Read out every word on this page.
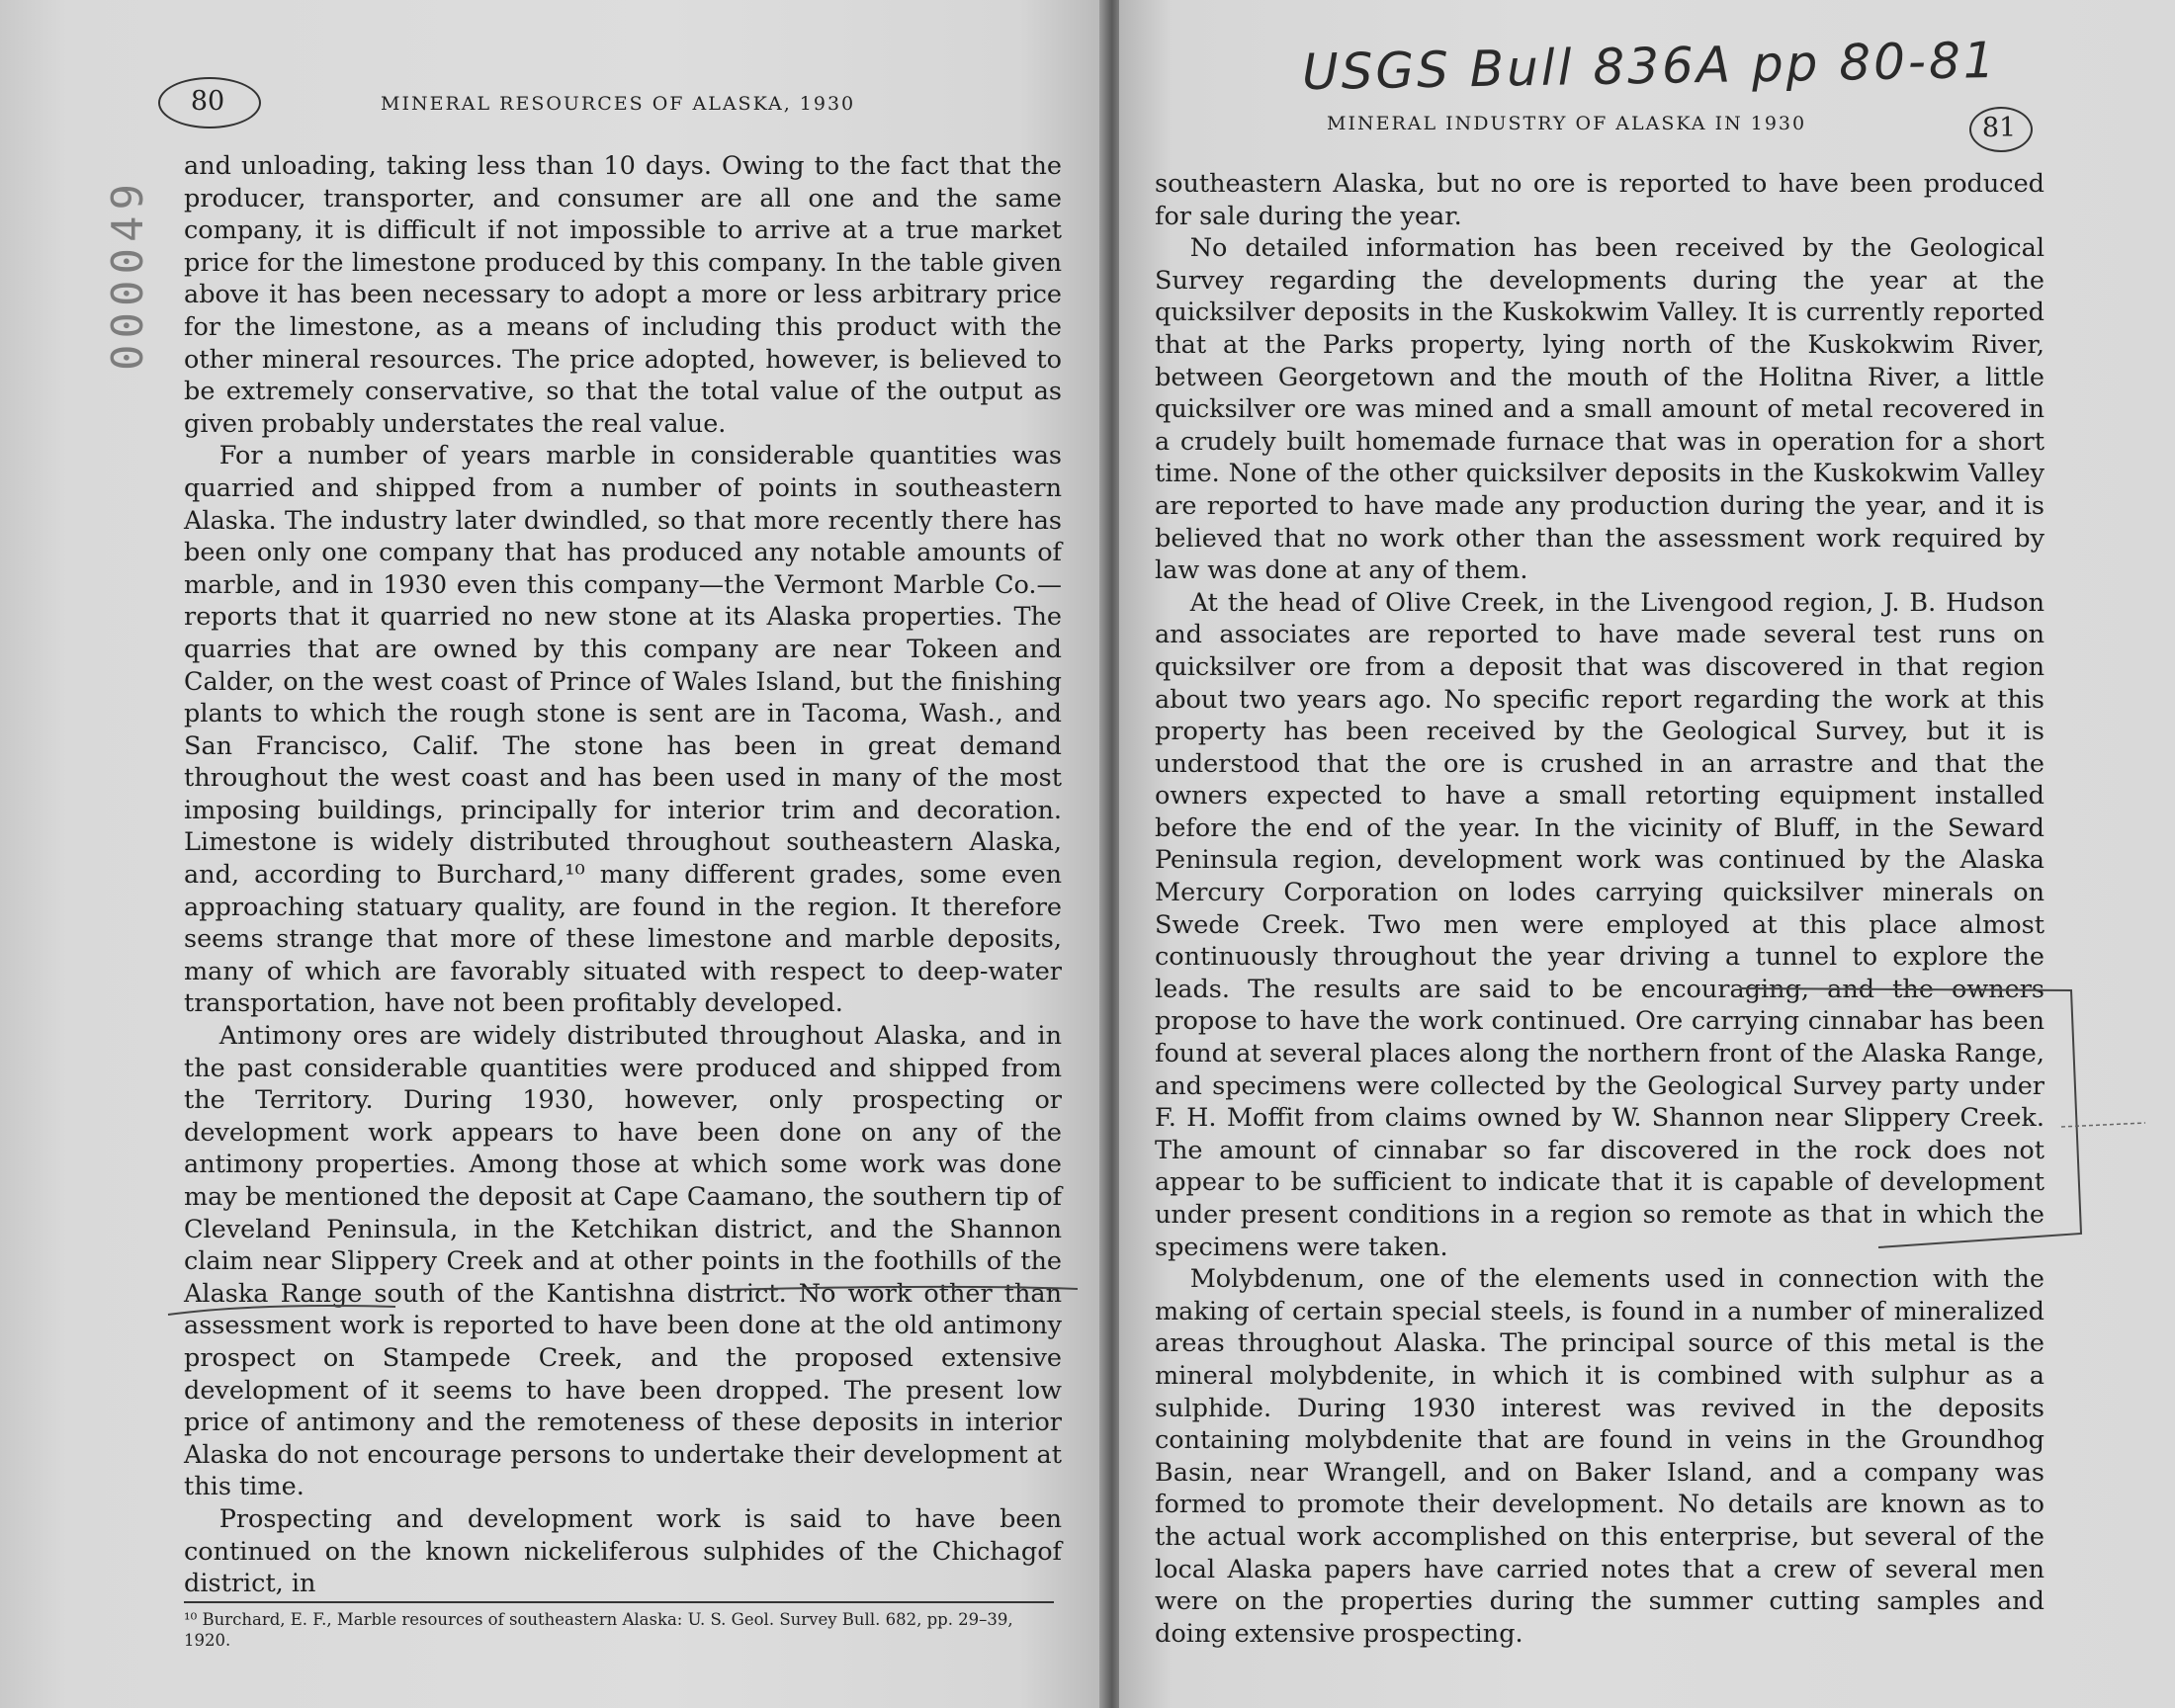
80	MINERAL RESOURCES OF ALASKA, 1930
000049

and unloading, taking less than 10 days. Owing to the fact that the producer, transporter, and consumer are all one and the same company, it is difficult if not impossible to arrive at a true market price for the limestone produced by this company. In the table given above it has been necessary to adopt a more or less arbitrary price for the limestone, as a means of including this product with the other mineral resources. The price adopted, however, is believed to be extremely conservative, so that the total value of the output as given probably understates the real value.

For a number of years marble in considerable quantities was quarried and shipped from a number of points in southeastern Alaska. The industry later dwindled, so that more recently there has been only one company that has produced any notable amounts of marble, and in 1930 even this company—the Vermont Marble Co.—reports that it quarried no new stone at its Alaska properties. The quarries that are owned by this company are near Tokeen and Calder, on the west coast of Prince of Wales Island, but the finishing plants to which the rough stone is sent are in Tacoma, Wash., and San Francisco, Calif. The stone has been in great demand throughout the west coast and has been used in many of the most imposing buildings, principally for interior trim and decoration. Limestone is widely distributed throughout southeastern Alaska, and, according to Burchard,¹⁰ many different grades, some even approaching statuary quality, are found in the region. It therefore seems strange that more of these limestone and marble deposits, many of which are favorably situated with respect to deep-water transportation, have not been profitably developed.

Antimony ores are widely distributed throughout Alaska, and in the past considerable quantities were produced and shipped from the Territory. During 1930, however, only prospecting or development work appears to have been done on any of the antimony properties. Among those at which some work was done may be mentioned the deposit at Cape Caamano, the southern tip of Cleveland Peninsula, in the Ketchikan district, and the Shannon claim near Slippery Creek and at other points in the foothills of the Alaska Range south of the Kantishna district. No work other than assessment work is reported to have been done at the old antimony prospect on Stampede Creek, and the proposed extensive development of it seems to have been dropped. The present low price of antimony and the remoteness of these deposits in interior Alaska do not encourage persons to undertake their development at this time.

Prospecting and development work is said to have been continued on the known nickeliferous sulphides of the Chichagof district, in

¹⁰ Burchard, E. F., Marble resources of southeastern Alaska: U. S. Geol. Survey Bull. 682, pp. 29–39, 1920.
USGS Bull 836A pp 80-81
MINERAL INDUSTRY OF ALASKA IN 1930	81

southeastern Alaska, but no ore is reported to have been produced for sale during the year.

No detailed information has been received by the Geological Survey regarding the developments during the year at the quicksilver deposits in the Kuskokwim Valley. It is currently reported that at the Parks property, lying north of the Kuskokwim River, between Georgetown and the mouth of the Holitna River, a little quicksilver ore was mined and a small amount of metal recovered in a crudely built homemade furnace that was in operation for a short time. None of the other quicksilver deposits in the Kuskokwim Valley are reported to have made any production during the year, and it is believed that no work other than the assessment work required by law was done at any of them.

At the head of Olive Creek, in the Livengood region, J. B. Hudson and associates are reported to have made several test runs on quicksilver ore from a deposit that was discovered in that region about two years ago. No specific report regarding the work at this property has been received by the Geological Survey, but it is understood that the ore is crushed in an arrastre and that the owners expected to have a small retorting equipment installed before the end of the year. In the vicinity of Bluff, in the Seward Peninsula region, development work was continued by the Alaska Mercury Corporation on lodes carrying quicksilver minerals on Swede Creek. Two men were employed at this place almost continuously throughout the year driving a tunnel to explore the leads. The results are said to be encouraging, and the owners propose to have the work continued. Ore carrying cinnabar has been found at several places along the northern front of the Alaska Range, and specimens were collected by the Geological Survey party under F. H. Moffit from claims owned by W. Shannon near Slippery Creek. The amount of cinnabar so far discovered in the rock does not appear to be sufficient to indicate that it is capable of development under present conditions in a region so remote as that in which the specimens were taken.

Molybdenum, one of the elements used in connection with the making of certain special steels, is found in a number of mineralized areas throughout Alaska. The principal source of this metal is the mineral molybdenite, in which it is combined with sulphur as a sulphide. During 1930 interest was revived in the deposits containing molybdenite that are found in veins in the Groundhog Basin, near Wrangell, and on Baker Island, and a company was formed to promote their development. No details are known as to the actual work accomplished on this enterprise, but several of the local Alaska papers have carried notes that a crew of several men were on the properties during the summer cutting samples and doing extensive prospecting.
